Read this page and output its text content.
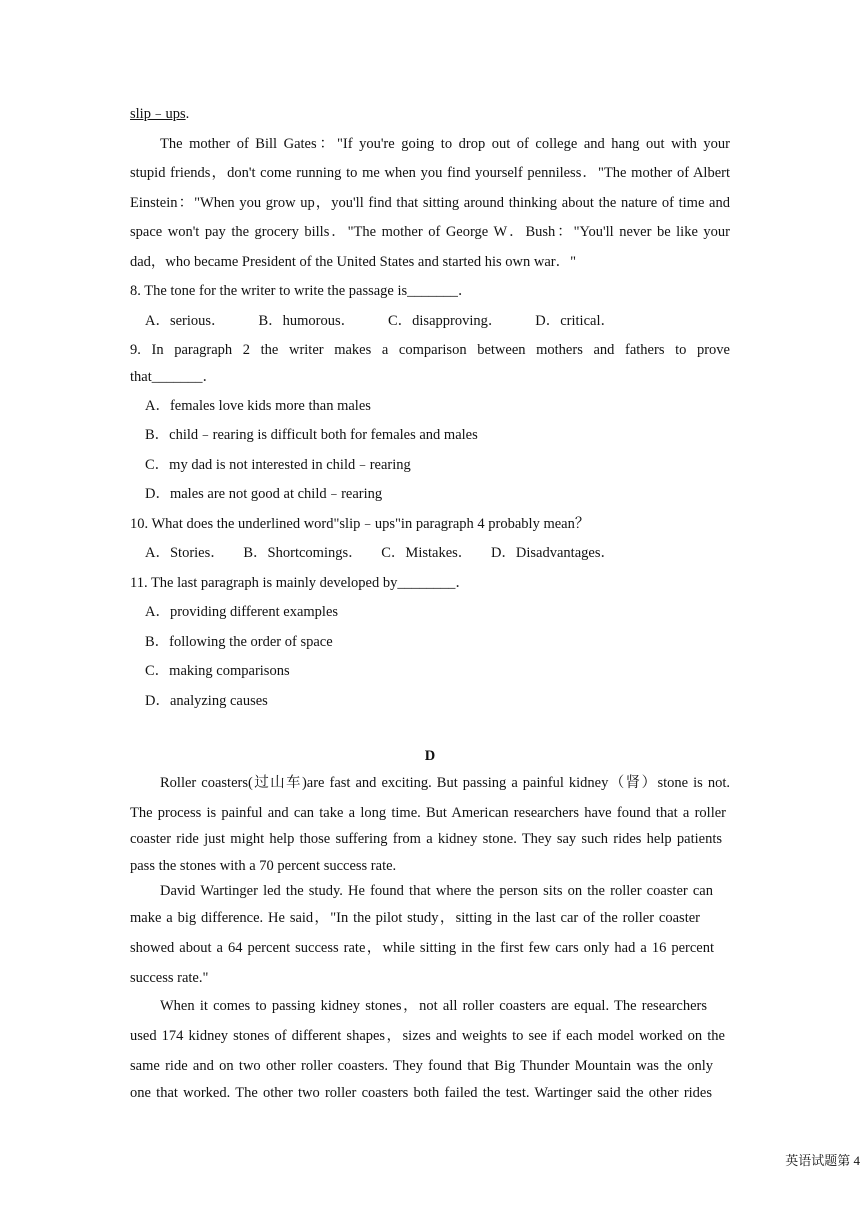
slip﹣ups.
The mother of Bill Gates："If you're going to drop out of college and hang out with your
stupid friends，don't come running to me when you find yourself penniless．"The mother of Albert
Einstein："When you grow up，you'll find that sitting around thinking about the nature of time and
space won't pay the grocery bills．"The mother of George W．Bush："You'll never be like your
dad，who became President of the United States and started his own war．"
8. The tone for the writer to write the passage is_______．
A．serious． B．humorous． C．disapproving． D．critical．
9. In paragraph 2 the writer makes a comparison between mothers and fathers to prove
that_______．
A．females love kids more than males
B．child﹣rearing is difficult both for females and males
C．my dad is not interested in child﹣rearing
D．males are not good at child﹣rearing
10. What does the underlined word"slip﹣ups"in paragraph 4 probably mean？
A．Stories． B．Shortcomings． C．Mistakes． D．Disadvantages．
11. The last paragraph is mainly developed by________．
A．providing different examples
B．following the order of space
C．making comparisons
D．analyzing causes
D
Roller coasters(过山车)are fast and exciting. But passing a painful kidney（肾）stone is not.
The process is painful and can take a long time. But American researchers have found that a roller
coaster ride just might help those suffering from a kidney stone. They say such rides help patients
pass the stones with a 70 percent success rate.
David Wartinger led the study. He found that where the person sits on the roller coaster can
make a big difference. He said，"In the pilot study，sitting in the last car of the roller coaster
showed about a 64 percent success rate，while sitting in the first few cars only had a 16 percent
success rate."
When it comes to passing kidney stones，not all roller coasters are equal. The researchers
used 174 kidney stones of different shapes，sizes and weights to see if each model worked on the
same ride and on two other roller coasters. They found that Big Thunder Mountain was the only
one that worked. The other two roller coasters both failed the test. Wartinger said the other rides
英语试题第 4
